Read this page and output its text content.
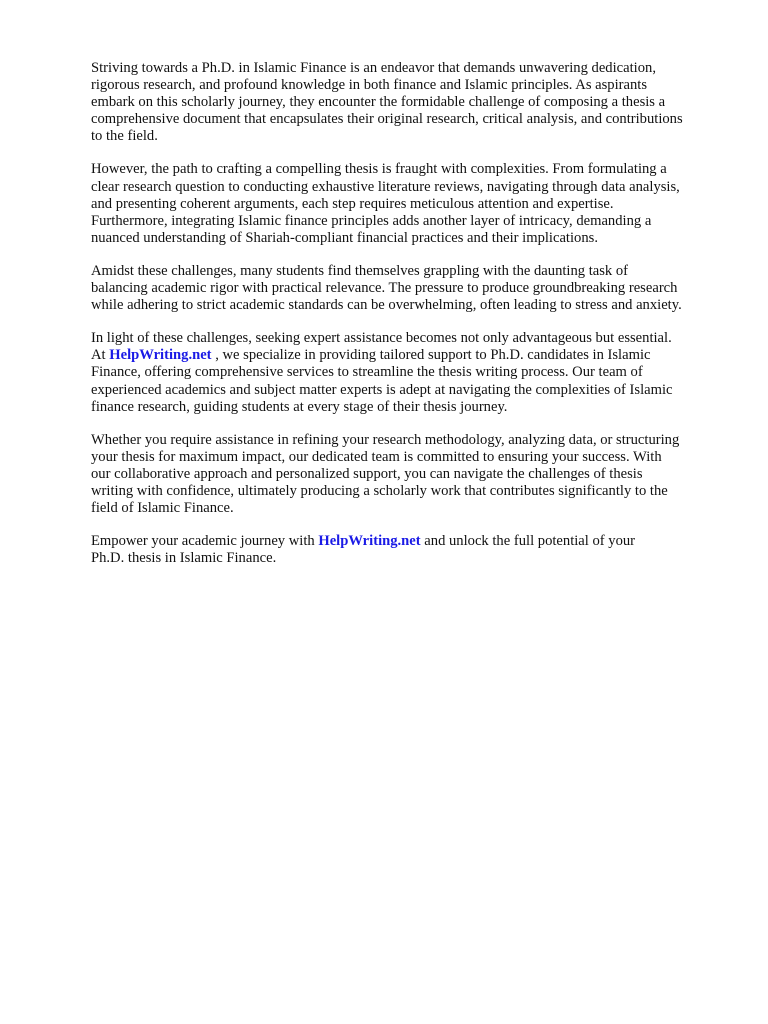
Striving towards a Ph.D. in Islamic Finance is an endeavor that demands unwavering dedication,
rigorous research, and profound knowledge in both finance and Islamic principles. As aspirants
embark on this scholarly journey, they encounter the formidable challenge of composing a thesis a
comprehensive document that encapsulates their original research, critical analysis, and contributions
to the field.

However, the path to crafting a compelling thesis is fraught with complexities. From formulating a
clear research question to conducting exhaustive literature reviews, navigating through data analysis,
and presenting coherent arguments, each step requires meticulous attention and expertise.
Furthermore, integrating Islamic finance principles adds another layer of intricacy, demanding a
nuanced understanding of Shariah-compliant financial practices and their implications.

Amidst these challenges, many students find themselves grappling with the daunting task of
balancing academic rigor with practical relevance. The pressure to produce groundbreaking research
while adhering to strict academic standards can be overwhelming, often leading to stress and anxiety.

In light of these challenges, seeking expert assistance becomes not only advantageous but essential.
At HelpWriting.net , we specialize in providing tailored support to Ph.D. candidates in Islamic
Finance, offering comprehensive services to streamline the thesis writing process. Our team of
experienced academics and subject matter experts is adept at navigating the complexities of Islamic
finance research, guiding students at every stage of their thesis journey.

Whether you require assistance in refining your research methodology, analyzing data, or structuring
your thesis for maximum impact, our dedicated team is committed to ensuring your success. With
our collaborative approach and personalized support, you can navigate the challenges of thesis
writing with confidence, ultimately producing a scholarly work that contributes significantly to the
field of Islamic Finance.

Empower your academic journey with HelpWriting.net and unlock the full potential of your
Ph.D. thesis in Islamic Finance.
